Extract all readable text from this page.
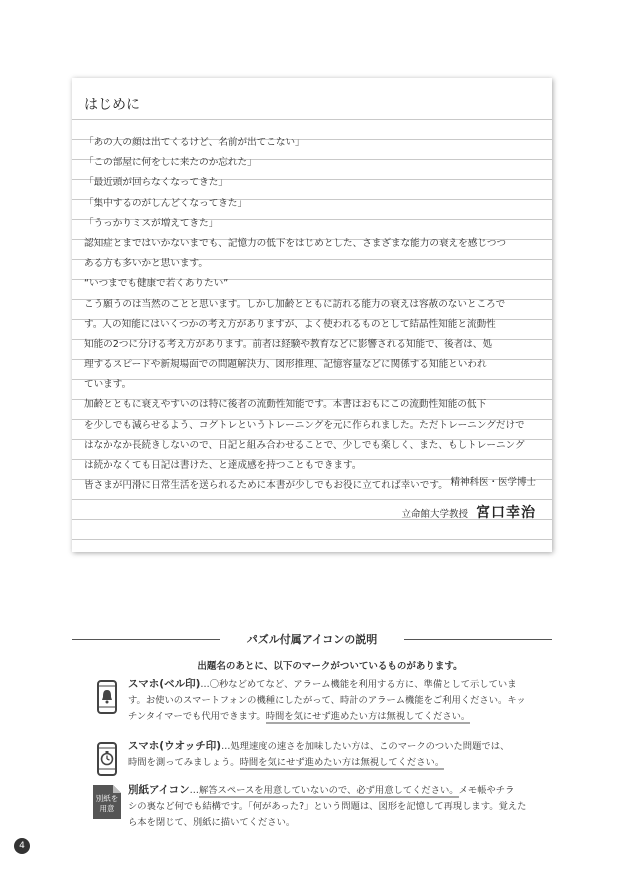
はじめに
「あの人の顔は出てくるけど、名前が出てこない」
「この部屋に何をしに来たのか忘れた」
「最近頭が回らなくなってきた」
「集中するのがしんどくなってきた」
「うっかりミスが増えてきた」
認知症とまではいかないまでも、記憶力の低下をはじめとした、さまざまな能力の衰えを感じつつ
ある方も多いかと思います。
“いつまでも健康で若くありたい”
こう願うのは当然のことと思います。しかし加齢とともに訪れる能力の衰えは容赦のないところで
す。人の知能にはいくつかの考え方がありますが、よく使われるものとして結晶性知能と流動性
知能の2つに分ける考え方があります。前者は経験や教育などに影響される知能で、後者は、処
理するスピードや新規場面での問題解決力、図形推理、記憶容量などに関係する知能といわれ
ています。
加齢とともに衰えやすいのは特に後者の流動性知能です。本書はおもにこの流動性知能の低下
を少しでも減らせるよう、コグトレというトレーニングを元に作られました。ただトレーニングだけで
はなかなか長続きしないので、日記と組み合わせることで、少しでも楽しく、また、もしトレーニング
は続かなくても日記は書けた、と達成感を持つこともできます。
皆さまが円滑に日常生活を送られるために本書が少しでもお役に立てれば幸いです。 精神科医・医学博士
立命館大学教授 宮口幸治
パズル付属アイコンの説明
出題名のあとに、以下のマークがついているものがあります。
スマホ(ベル印)…〇秒などめてなど、アラーム機能を利用する方に、準備として示していま
す。お使いのスマートフォンの機種にしたがって、時計のアラーム機能をご利用ください。キッ
チンタイマーでも代用できます。時間を気にせず進めたい方は無視してください。
スマホ(ウオッチ印)…処理速度の速さを加味したい方は、このマークのついた問題では、
時間を測ってみましょう。時間を気にせず進めたい方は無視してください。
別紙を
用意
別紙アイコン…解答スペースを用意していないので、必ず用意してください。メモ帳やチラ
シの裏など何でも結構です。「何があった?」という問題は、図形を記憶して再現します。覚えた
ら本を閉じて、別紙に描いてください。
4
